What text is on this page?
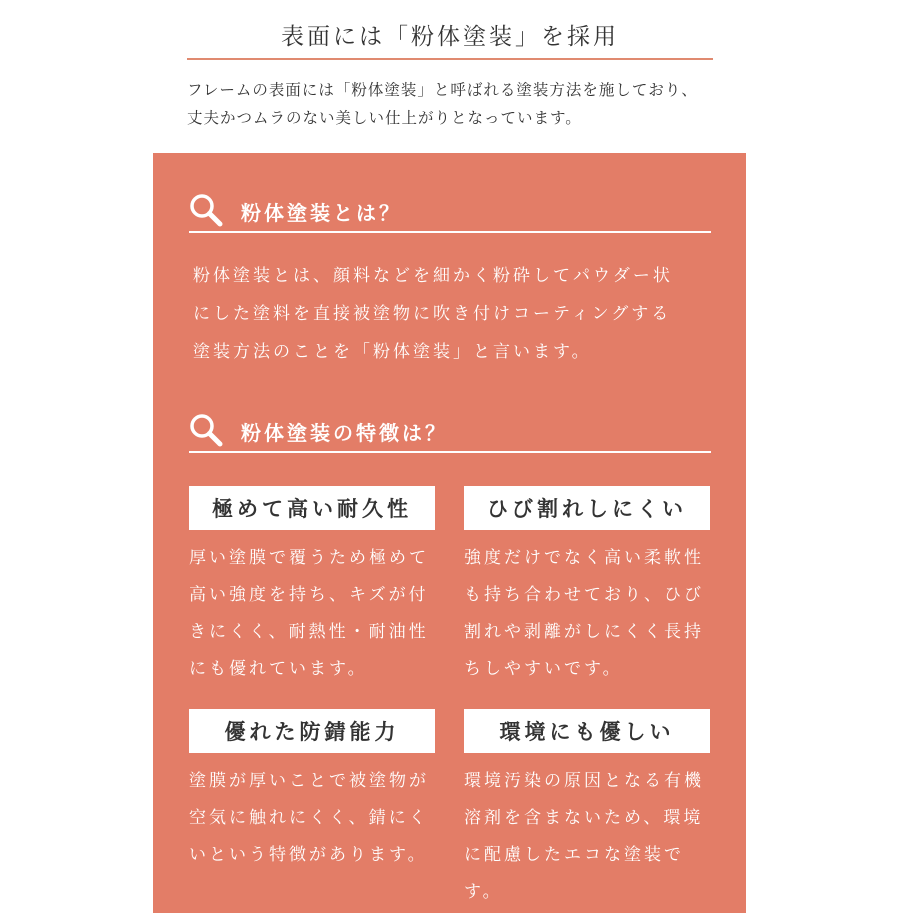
表面には「粉体塗装」を採用

フレームの表面には「粉体塗装」と呼ばれる塗装方法を施しており、
丈夫かつムラのない美しい仕上がりとなっています。

粉体塗装とは？

粉体塗装とは、顔料などを細かく粉砕してパウダー状
にした塗料を直接被塗物に吹き付けコーティングする
塗装方法のことを「粉体塗装」と言います。

粉体塗装の特徴は？
極めて高い耐久性

厚い塗膜で覆うため極めて
高い強度を持ち、キズが付
きにくく、耐熱性・耐油性
にも優れています。

ひび割れしにくい

強度だけでなく高い柔軟性
も持ち合わせており、ひび
割れや剥離がしにくく長持
ちしやすいです。

優れた防錆能力

塗膜が厚いことで被塗物が
空気に触れにくく、錆にく
いという特徴があります。

環境にも優しい

環境汚染の原因となる有機
溶剤を含まないため、環境
に配慮したエコな塗装です。
